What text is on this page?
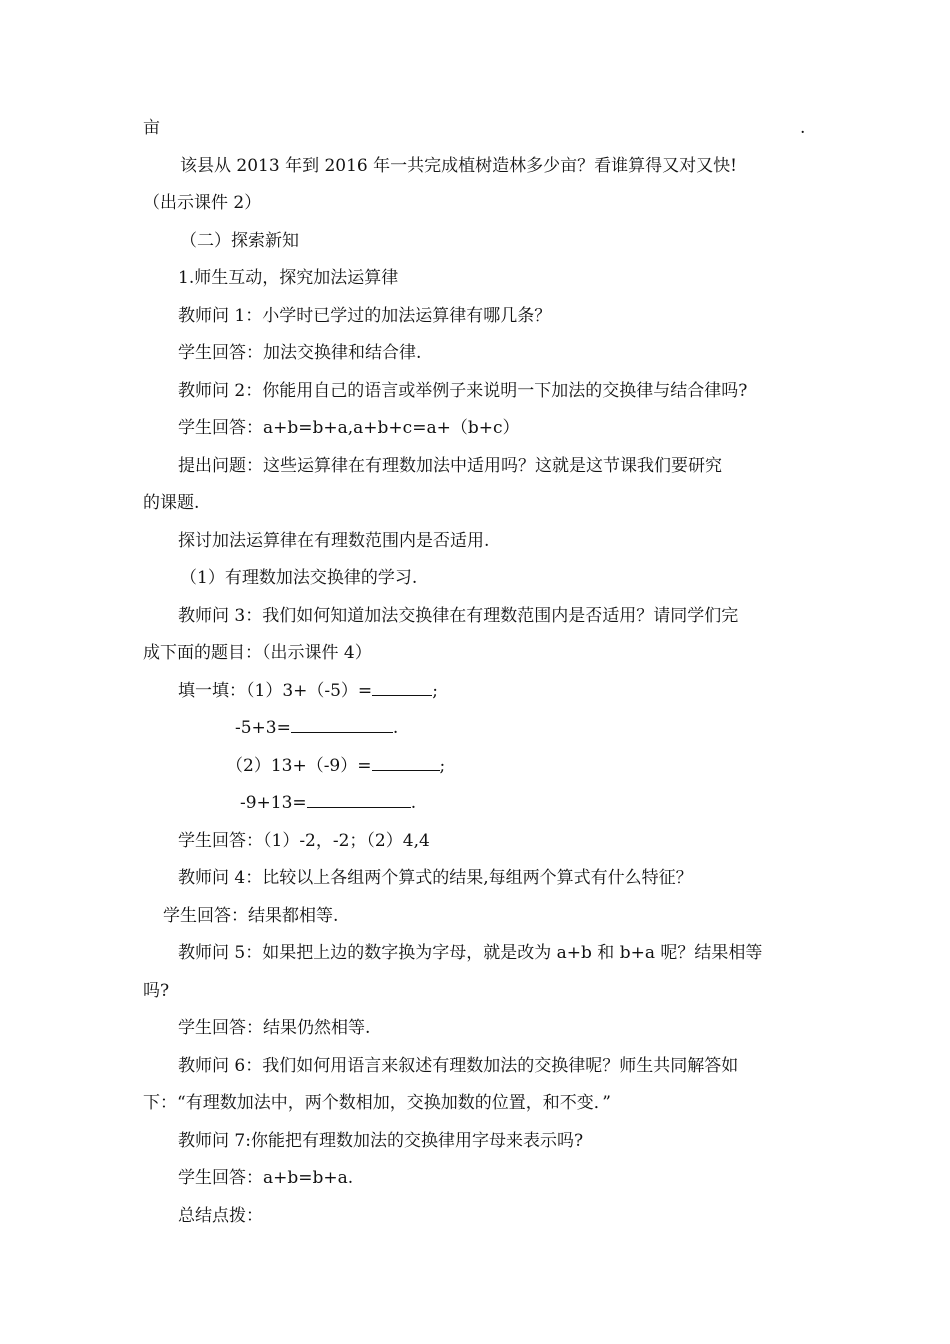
亩	.
该县从 2013 年到 2016 年一共完成植树造林多少亩？看谁算得又对又快!
（出示课件 2）
（二）探索新知
1.师生互动，探究加法运算律
教师问 1：小学时已学过的加法运算律有哪几条？
学生回答：加法交换律和结合律.
教师问 2：你能用自己的语言或举例子来说明一下加法的交换律与结合律吗?
学生回答：a+b=b+a,a+b+c=a+（b+c）
提出问题：这些运算律在有理数加法中适用吗？这就是这节课我们要研究
的课题.
探讨加法运算律在有理数范围内是否适用.
（1）有理数加法交换律的学习.
教师问 3：我们如何知道加法交换律在有理数范围内是否适用？请同学们完
成下面的题目：（出示课件 4）
填一填：（1）3+（-5）=	;
-5+3=	.
（2）13+（-9）=	;
-9+13=	.
学生回答：（1）-2，-2；（2）4,4
教师问 4：比较以上各组两个算式的结果,每组两个算式有什么特征？
学生回答：结果都相等.
教师问 5：如果把上边的数字换为字母，就是改为 a+b 和 b+a 呢？结果相等
吗?
学生回答：结果仍然相等.
教师问 6：我们如何用语言来叙述有理数加法的交换律呢？师生共同解答如
下：“有理数加法中，两个数相加，交换加数的位置，和不变．”
教师问 7:你能把有理数加法的交换律用字母来表示吗?
学生回答：a+b=b+a.
总结点拨：
